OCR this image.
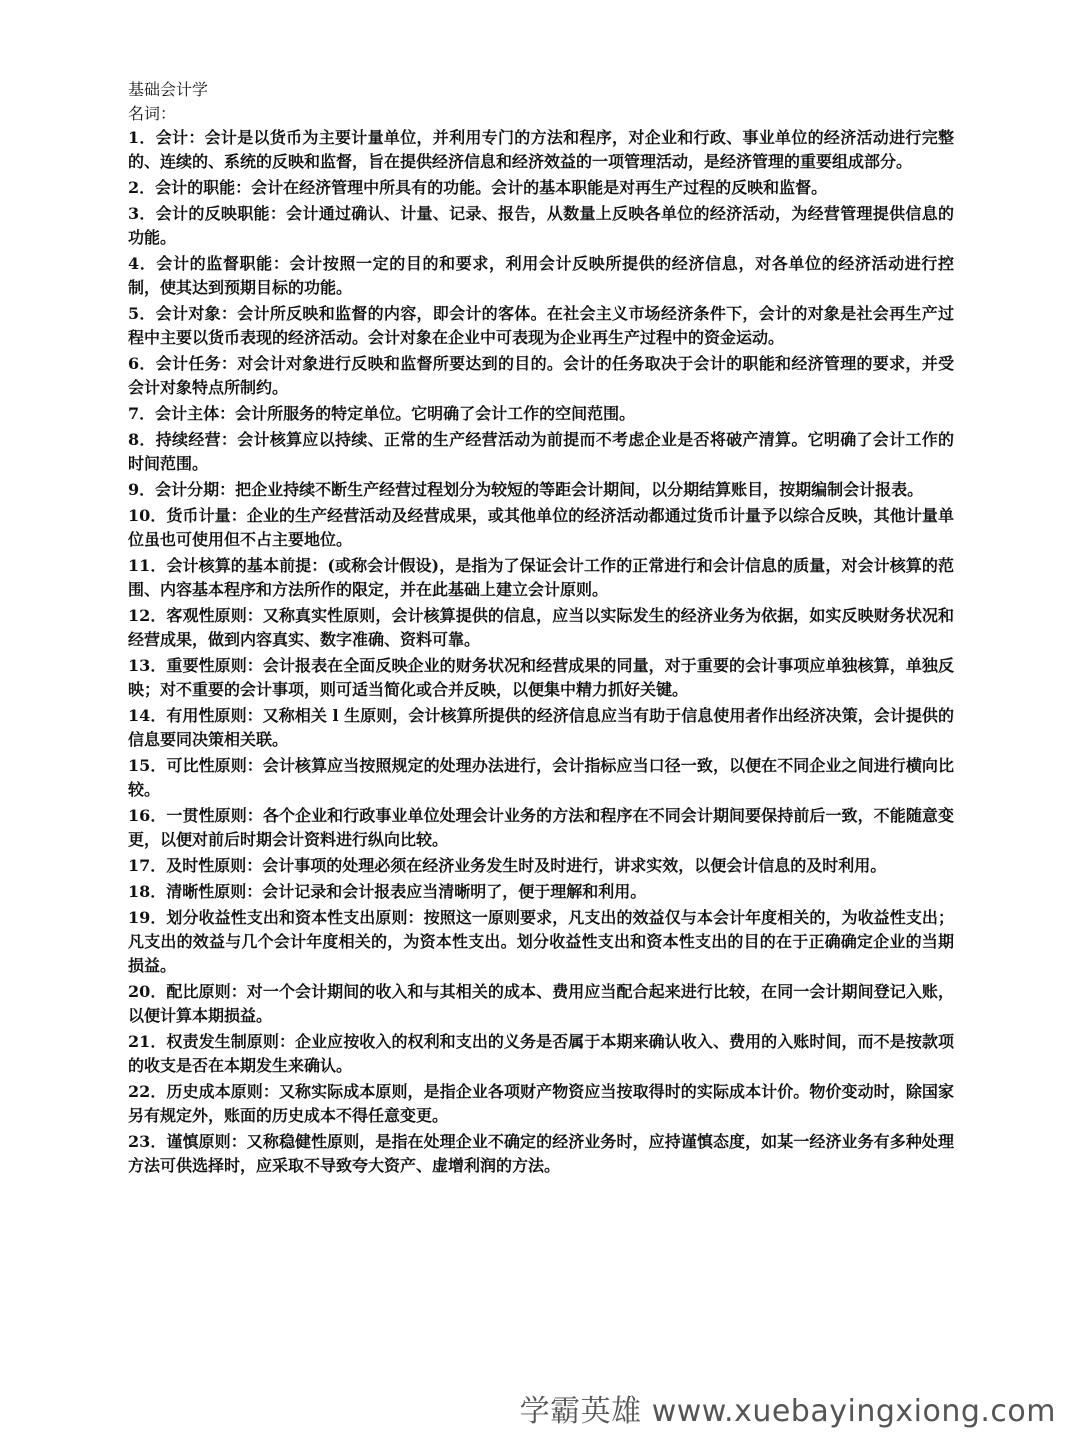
基础会计学

名词：

1．会计：会计是以货币为主要计量单位，并利用专门的方法和程序，对企业和行政、事业单位的经济活动进行完整的、连续的、系统的反映和监督，旨在提供经济信息和经济效益的一项管理活动，是经济管理的重要组成部分。

2．会计的职能：会计在经济管理中所具有的功能。会计的基本职能是对再生产过程的反映和监督。

3．会计的反映职能：会计通过确认、计量、记录、报告，从数量上反映各单位的经济活动，为经营管理提供信息的功能。

4．会计的监督职能：会计按照一定的目的和要求，利用会计反映所提供的经济信息，对各单位的经济活动进行控制，使其达到预期目标的功能。

5．会计对象：会计所反映和监督的内容，即会计的客体。在社会主义市场经济条件下，会计的对象是社会再生产过程中主要以货币表现的经济活动。会计对象在企业中可表现为企业再生产过程中的资金运动。

6．会计任务：对会计对象进行反映和监督所要达到的目的。会计的任务取决于会计的职能和经济管理的要求，并受会计对象特点所制约。

7．会计主体：会计所服务的特定单位。它明确了会计工作的空间范围。

8．持续经营：会计核算应以持续、正常的生产经营活动为前提而不考虑企业是否将破产清算。它明确了会计工作的时间范围。

9．会计分期：把企业持续不断生产经营过程划分为较短的等距会计期间，以分期结算账目，按期编制会计报表。

10．货币计量：企业的生产经营活动及经营成果，或其他单位的经济活动都通过货币计量予以综合反映，其他计量单位虽也可使用但不占主要地位。

11．会计核算的基本前提：(或称会计假设)，是指为了保证会计工作的正常进行和会计信息的质量，对会计核算的范围、内容基本程序和方法所作的限定，并在此基础上建立会计原则。

12．客观性原则：又称真实性原则，会计核算提供的信息，应当以实际发生的经济业务为依据，如实反映财务状况和经营成果，做到内容真实、数字准确、资料可靠。

13．重要性原则：会计报表在全面反映企业的财务状况和经营成果的同量，对于重要的会计事项应单独核算，单独反映；对不重要的会计事项，则可适当简化或合并反映，以便集中精力抓好关键。

14．有用性原则：又称相关 l 生原则，会计核算所提供的经济信息应当有助于信息使用者作出经济决策，会计提供的信息要同决策相关联。

15．可比性原则：会计核算应当按照规定的处理办法进行，会计指标应当口径一致，以便在不同企业之间进行横向比较。

16．一贯性原则：各个企业和行政事业单位处理会计业务的方法和程序在不同会计期间要保持前后一致，不能随意变更，以便对前后时期会计资料进行纵向比较。

17．及时性原则：会计事项的处理必须在经济业务发生时及时进行，讲求实效，以便会计信息的及时利用。

18．清晰性原则：会计记录和会计报表应当清晰明了，便于理解和利用。

19．划分收益性支出和资本性支出原则：按照这一原则要求，凡支出的效益仅与本会计年度相关的，为收益性支出；凡支出的效益与几个会计年度相关的，为资本性支出。划分收益性支出和资本性支出的目的在于正确确定企业的当期损益。

20．配比原则：对一个会计期间的收入和与其相关的成本、费用应当配合起来进行比较，在同一会计期间登记入账，以便计算本期损益。

21．权责发生制原则：企业应按收入的权利和支出的义务是否属于本期来确认收入、费用的入账时间，而不是按款项的收支是否在本期发生来确认。

22．历史成本原则：又称实际成本原则，是指企业各项财产物资应当按取得时的实际成本计价。物价变动时，除国家另有规定外，账面的历史成本不得任意变更。

23．谨慎原则：又称稳健性原则，是指在处理企业不确定的经济业务时，应持谨慎态度，如某一经济业务有多种处理方法可供选择时，应采取不导致夸大资产、虚增利润的方法。

学霸英雄 www.xuebayingxiong.com
